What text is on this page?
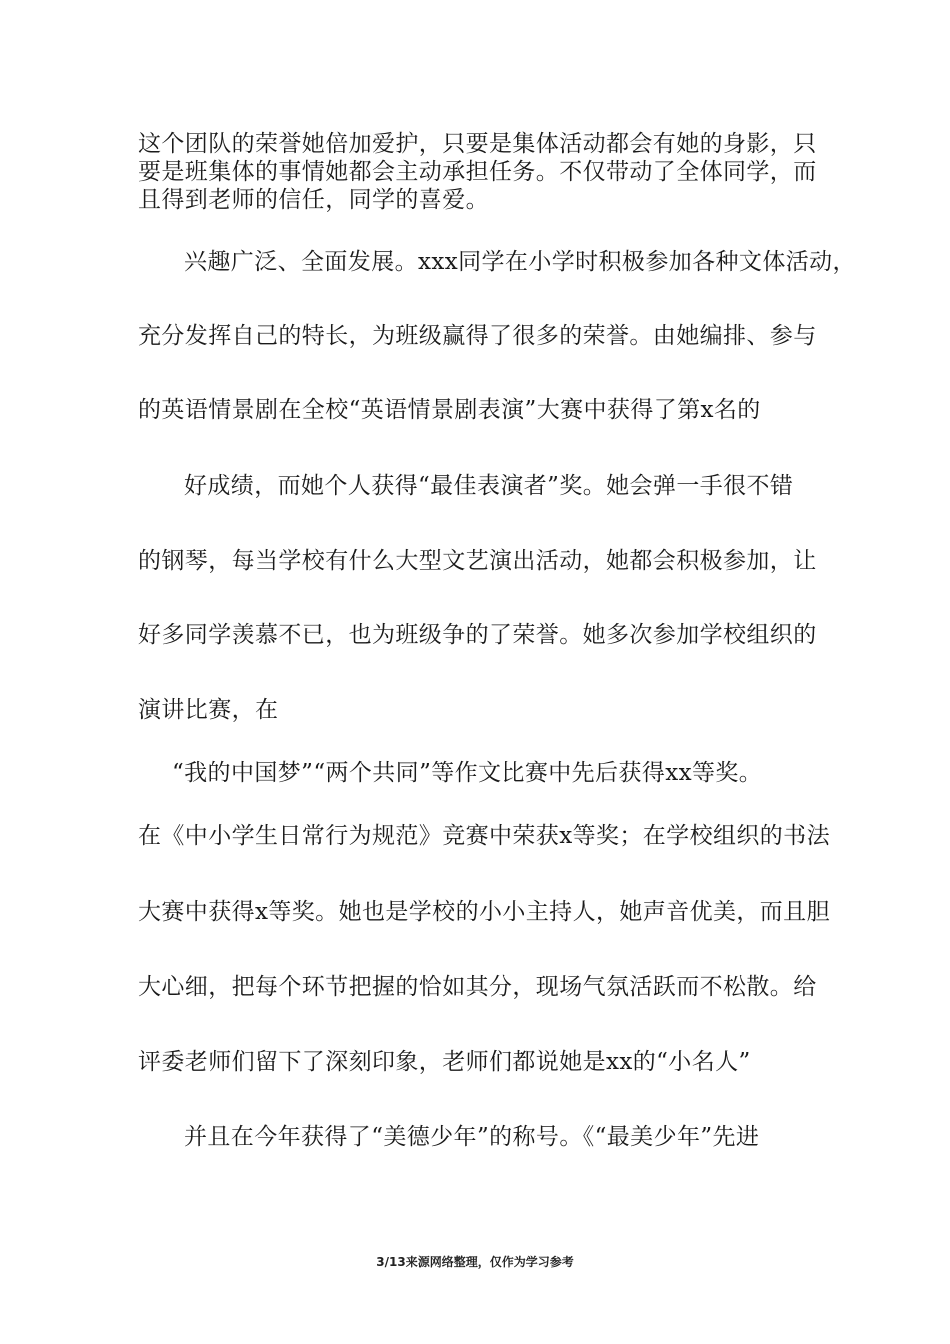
这个团队的荣誉她倍加爱护，只要是集体活动都会有她的身影，只
要是班集体的事情她都会主动承担任务。不仅带动了全体同学，而
且得到老师的信任，同学的喜爱。
兴趣广泛、全面发展。xxx同学在小学时积极参加各种文体活动，
充分发挥自己的特长，为班级赢得了很多的荣誉。由她编排、参与
的英语情景剧在全校“英语情景剧表演”大赛中获得了第x名的
好成绩，而她个人获得“最佳表演者”奖。她会弹一手很不错
的钢琴，每当学校有什么大型文艺演出活动，她都会积极参加，让
好多同学羡慕不已，也为班级争的了荣誉。她多次参加学校组织的
演讲比赛，在
“我的中国梦”“两个共同”等作文比赛中先后获得xx等奖。
在《中小学生日常行为规范》竞赛中荣获x等奖；在学校组织的书法
大赛中获得x等奖。她也是学校的小小主持人，她声音优美，而且胆
大心细，把每个环节把握的恰如其分，现场气氛活跃而不松散。给
评委老师们留下了深刻印象，老师们都说她是xx的“小名人”
并且在今年获得了“美德少年”的称号。《“最美少年”先进
3/13来源网络整理，仅作为学习参考
